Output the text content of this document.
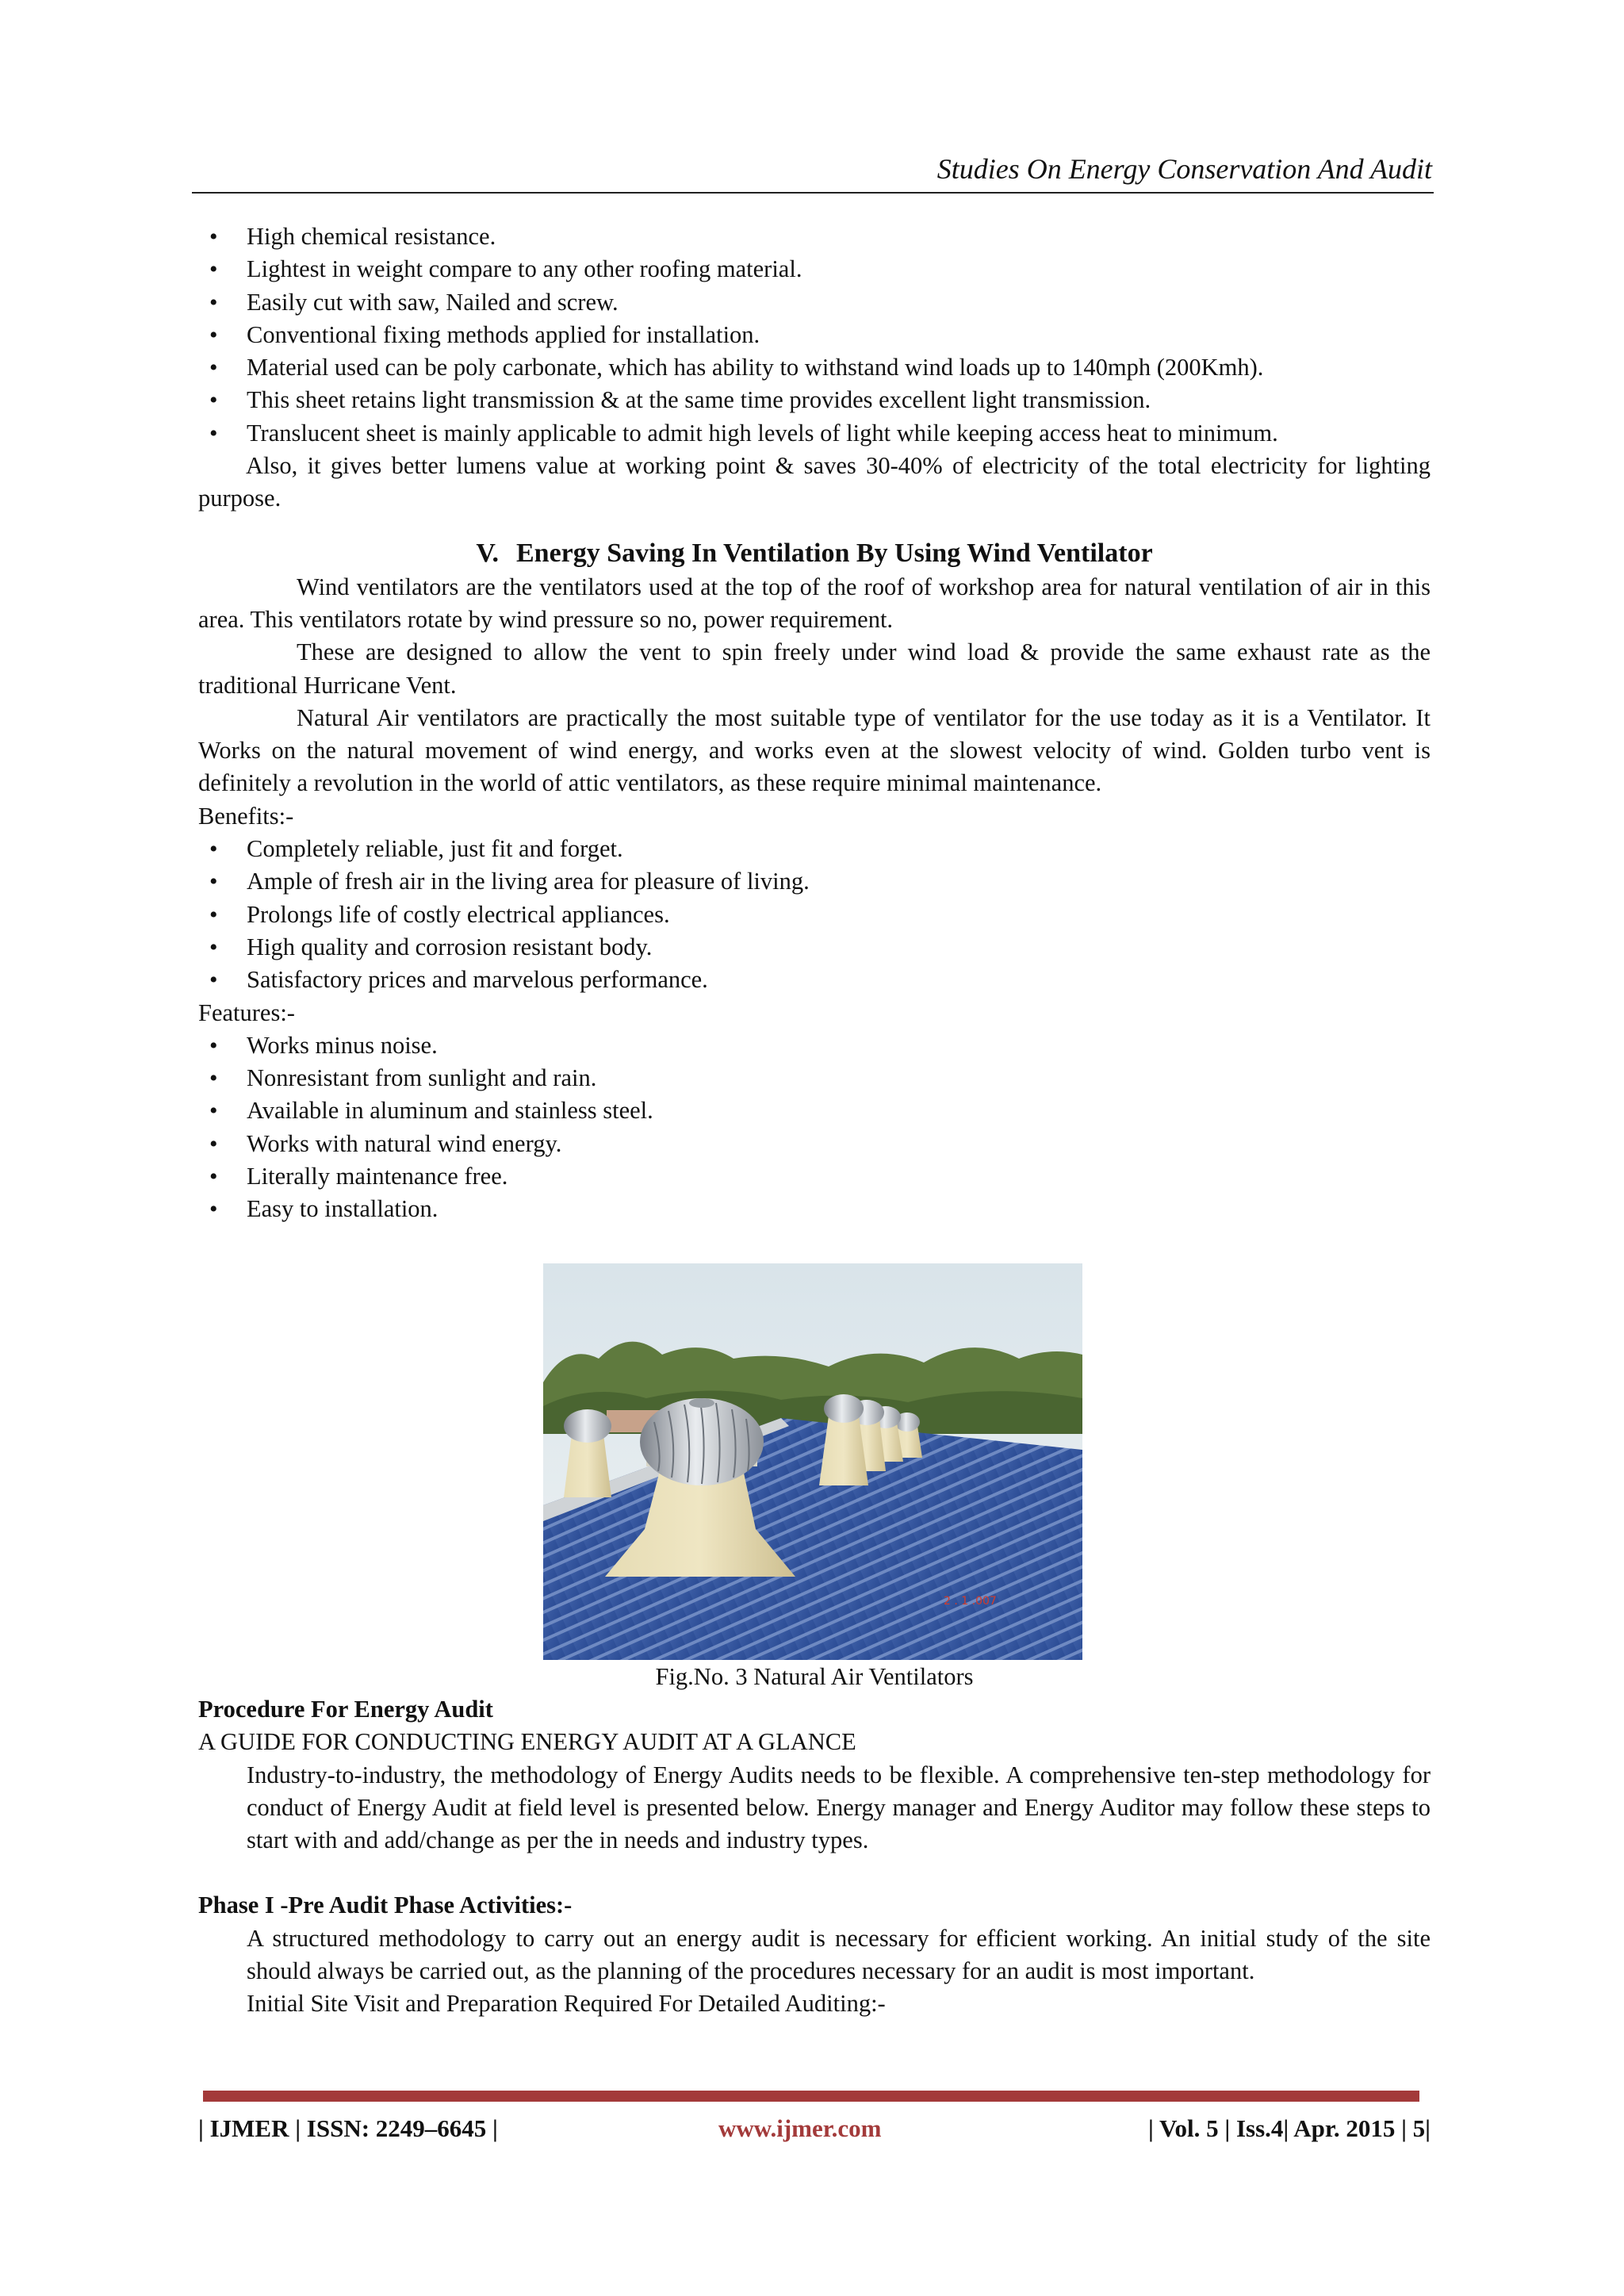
Studies On Energy Conservation And Audit
• High chemical resistance.
• Lightest in weight compare to any other roofing material.
• Easily cut with saw, Nailed and screw.
• Conventional fixing methods applied for installation.
• Material used can be poly carbonate, which has ability to withstand wind loads up to 140mph (200Kmh).
• This sheet retains light transmission & at the same time provides excellent light transmission.
• Translucent sheet is mainly applicable to admit high levels of light while keeping access heat to minimum.

Also, it gives better lumens value at working point & saves 30-40% of electricity of the total electricity for lighting purpose.

V. Energy Saving In Ventilation By Using Wind Ventilator

Wind ventilators are the ventilators used at the top of the roof of workshop area for natural ventilation of air in this area. This ventilators rotate by wind pressure so no, power requirement.

These are designed to allow the vent to spin freely under wind load & provide the same exhaust rate as the traditional Hurricane Vent.

Natural Air ventilators are practically the most suitable type of ventilator for the use today as it is a Ventilator. It Works on the natural movement of wind energy, and works even at the slowest velocity of wind. Golden turbo vent is definitely a revolution in the world of attic ventilators, as these require minimal maintenance.

Benefits:-

• Completely reliable, just fit and forget.
• Ample of fresh air in the living area for pleasure of living.
• Prolongs life of costly electrical appliances.
• High quality and corrosion resistant body.
• Satisfactory prices and marvelous performance.

Features:-

• Works minus noise.
• Nonresistant from sunlight and rain.
• Available in aluminum and stainless steel.
• Works with natural wind energy.
• Literally maintenance free.
• Easy to installation.
2 . 1 .007
Fig.No. 3 Natural Air Ventilators

Procedure For Energy Audit

A GUIDE FOR CONDUCTING ENERGY AUDIT AT A GLANCE

Industry-to-industry, the methodology of Energy Audits needs to be flexible. A comprehensive ten-step methodology for conduct of Energy Audit at field level is presented below. Energy manager and Energy Auditor may follow these steps to start with and add/change as per the in needs and industry types.

Phase I -Pre Audit Phase Activities:-

A structured methodology to carry out an energy audit is necessary for efficient working. An initial study of the site should always be carried out, as the planning of the procedures necessary for an audit is most important.

Initial Site Visit and Preparation Required For Detailed Auditing:-

| IJMER | ISSN: 2249–6645 |	www.ijmer.com	| Vol. 5 | Iss.4| Apr. 2015 | 5|
